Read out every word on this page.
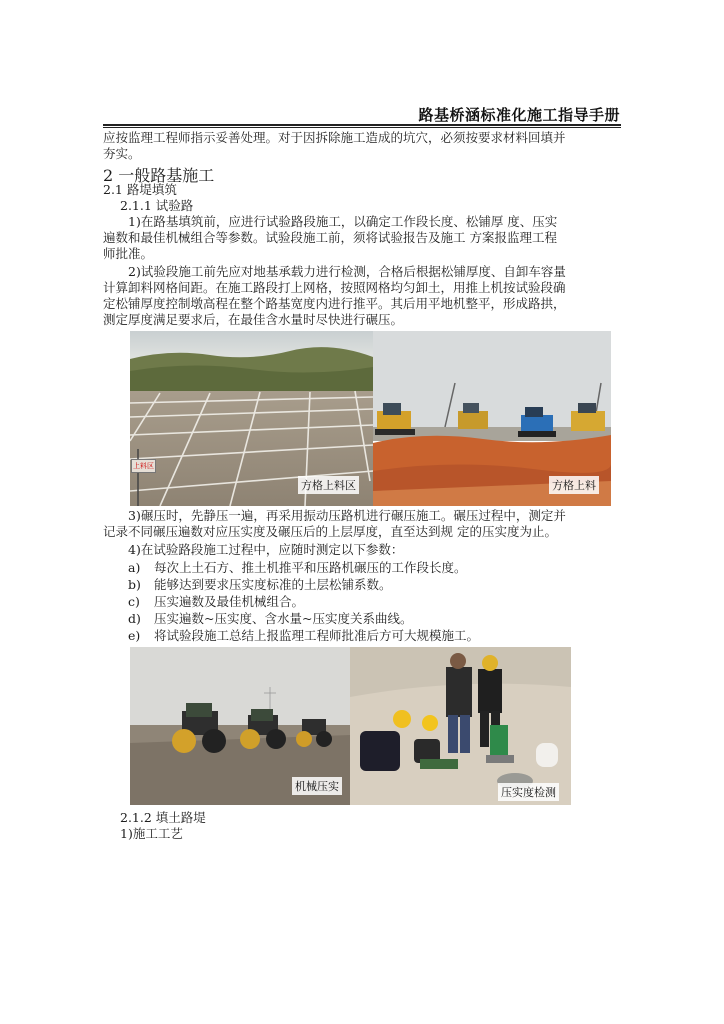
路基桥涵标准化施工指导手册
应按监理工程师指示妥善处理。对于因拆除施工造成的坑穴，必须按要求材料回填并
夯实。
2 一般路基施工
2.1 路堤填筑
2.1.1 试验路
1)在路基填筑前，应进行试验路段施工，以确定工作段长度、松铺厚 度、压实
遍数和最佳机械组合等参数。试验段施工前，须将试验报告及施工 方案报监理工程
师批准。
2)试验段施工前先应对地基承载力进行检测，合格后根据松铺厚度、自卸车容量
计算卸料网格间距。在施工路段打上网格，按照网格均匀卸土，用推上机按试验段确
定松铺厚度控制墩高程在整个路基宽度内进行推平。其后用平地机整平，形成路拱，
测定厚度满足要求后，在最佳含水量时尽快进行碾压。
上料区
方格上料区	方格上料
3)碾压时，先静压一遍，再采用振动压路机进行碾压施工。碾压过程中，测定并
记录不同碾压遍数对应压实度及碾压后的上层厚度，直至达到规 定的压实度为止。
4)在试验路段施工过程中，应随时测定以下参数：
a) 每次上土石方、推土机推平和压路机碾压的工作段长度。
b) 能够达到要求压实度标准的土层松铺系数。
c) 压实遍数及最佳机械组合。
d) 压实遍数~压实度、含水量~压实度关系曲线。
e) 将试验段施工总结上报监理工程师批准后方可大规模施工。
机械压实	压实度检测
2.1.2 填土路堤
1)施工工艺
